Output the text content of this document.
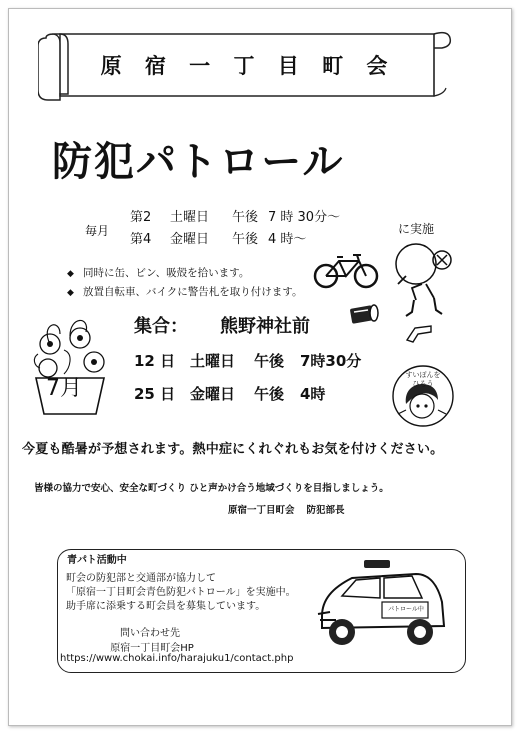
原 宿 一 丁 目 町 会
防犯パトロール
毎月
第2 土曜日 午後 7 時 30分～
第4 金曜日 午後 4 時～
に実施
◆ 同時に缶、ビン、吸殻を拾います。
◆ 放置自転車、バイクに警告札を取り付けます。
7月
集合： 熊野神社前
12 日 土曜日 午後 7時30分
25 日 金曜日 午後 4時
すいぽんを
ひろう
今夏も酷暑が予想されます。熱中症にくれぐれもお気を付けください。
皆様の協力で安心、安全な町づくり ひと声かけ合う地域づくりを目指しましょう。
原宿一丁目町会 防犯部長
青パト活動中
町会の防犯部と交通部が協力して
「原宿一丁目町会青色防犯パトロール」を実施中。
助手席に添乗する町会員を募集しています。
問い合わせ先
原宿一丁目町会HP
https://www.chokai.info/harajuku1/contact.php
パトロール中
